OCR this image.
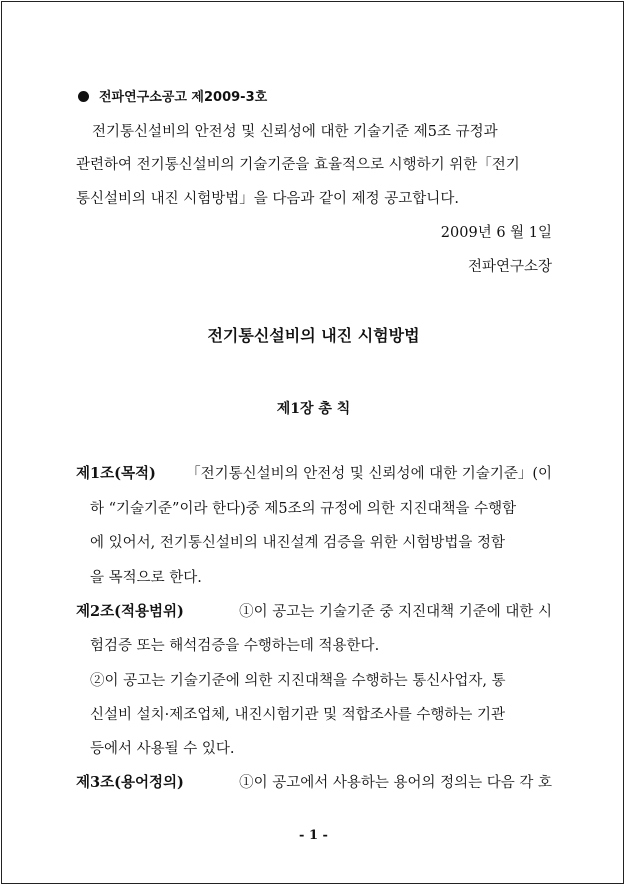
전파연구소공고 제2009-3호
전기통신설비의 안전성 및 신뢰성에 대한 기술기준 제5조 규정과
관련하여 전기통신설비의 기술기준을 효율적으로 시행하기 위한「전기
통신설비의 내진 시험방법」을 다음과 같이 제정 공고합니다.
2009년 6 월 1일
전파연구소장
전기통신설비의 내진 시험방법
제1장 총 칙
제1조(목적) 「전기통신설비의 안전성 및 신뢰성에 대한 기술기준」(이
하 “기술기준”이라 한다)중 제5조의 규정에 의한 지진대책을 수행함
에 있어서, 전기통신설비의 내진설계 검증을 위한 시험방법을 정함
을 목적으로 한다.
제2조(적용범위)	①이 공고는 기술기준 중 지진대책 기준에 대한 시
험검증 또는 해석검증을 수행하는데 적용한다.
②이 공고는 기술기준에 의한 지진대책을 수행하는 통신사업자, 통
신설비 설치·제조업체, 내진시험기관 및 적합조사를 수행하는 기관
등에서 사용될 수 있다.
제3조(용어정의)	①이 공고에서 사용하는 용어의 정의는 다음 각 호
- 1 -
